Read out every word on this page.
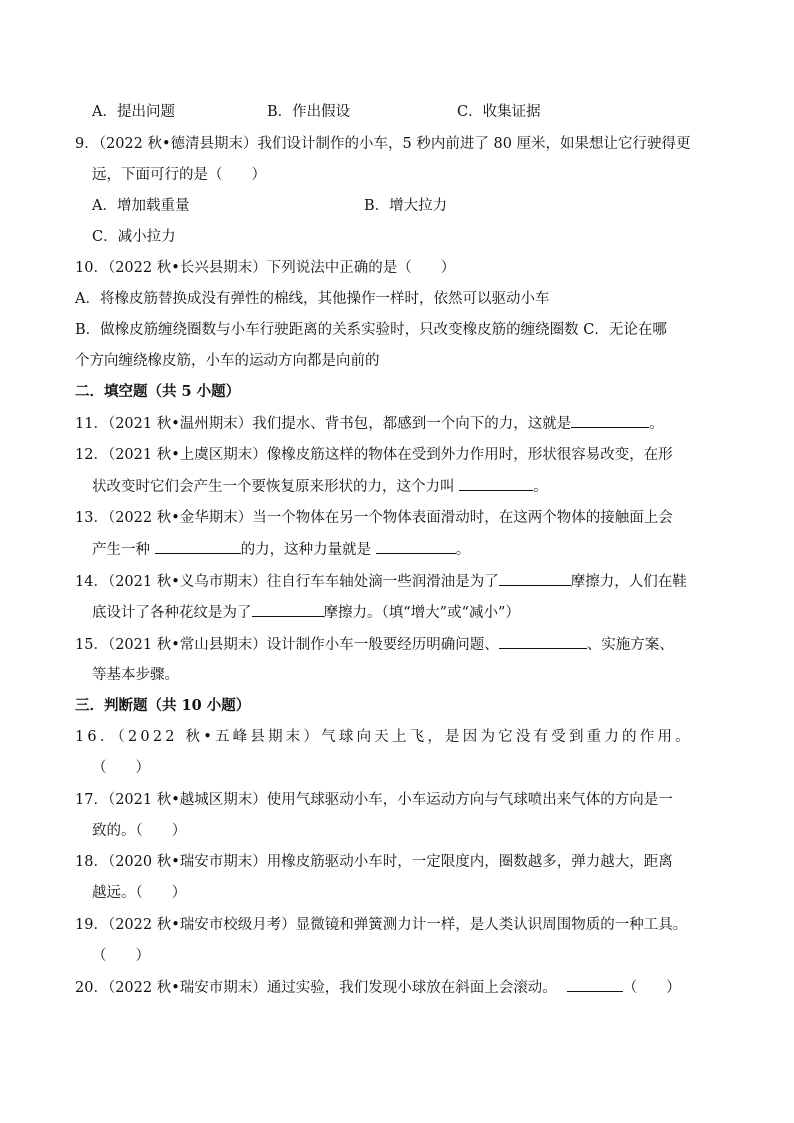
A．提出问题	B．作出假设	C．收集证据
9．（2022 秋•德清县期末）我们设计制作的小车，5 秒内前进了 80 厘米，如果想让它行驶得更
远，下面可行的是（　　）
A．增加载重量	B．增大拉力
C．减小拉力
10．（2022 秋•长兴县期末）下列说法中正确的是（　　）
A．将橡皮筋替换成没有弹性的棉线，其他操作一样时，依然可以驱动小车
B．做橡皮筋缠绕圈数与小车行驶距离的关系实验时，只改变橡皮筋的缠绕圈数 C．无论在哪
个方向缠绕橡皮筋，小车的运动方向都是向前的
二．填空题（共 5 小题）
11．（2021 秋•温州期末）我们提水、背书包，都感到一个向下的力，这就是	。
12．（2021 秋•上虞区期末）像橡皮筋这样的物体在受到外力作用时，形状很容易改变，在形
状改变时它们会产生一个要恢复原来形状的力，这个力叫	。
13．（2022 秋•金华期末）当一个物体在另一个物体表面滑动时，在这两个物体的接触面上会
产生一种	的力，这种力量就是	。
14．（2021 秋•义乌市期末）往自行车车轴处滴一些润滑油是为了	摩擦力，人们在鞋
底设计了各种花纹是为了	摩擦力。（填“增大”或“减小”）
15．（2021 秋•常山县期末）设计制作小车一般要经历明确问题、	、实施方案、
等基本步骤。
三．判断题（共 10 小题）
16．（2022 秋•五峰县期末）气球向天上飞，是因为它没有受到重力的作用。
（　　）
17．（2021 秋•越城区期末）使用气球驱动小车，小车运动方向与气球喷出来气体的方向是一
致的。（　　）
18．（2020 秋•瑞安市期末）用橡皮筋驱动小车时，一定限度内，圈数越多，弹力越大，距离
越远。（　　）
19．（2022 秋•瑞安市校级月考）显微镜和弹簧测力计一样，是人类认识周围物质的一种工具。
（　　）
20．（2022 秋•瑞安市期末）通过实验，我们发现小球放在斜面上会滚动。	（　　）
